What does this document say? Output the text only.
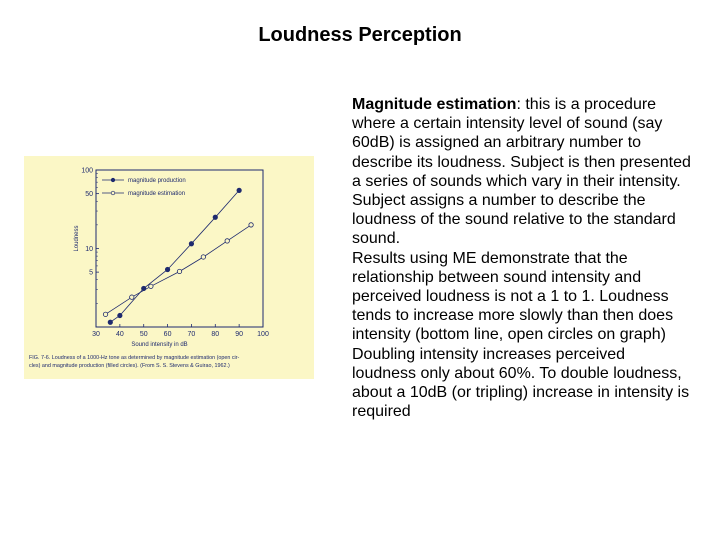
Loudness Perception
30 40 50 60 70 80 90 100
100
50
10
5
Sound intensity in dB
Loudness
magnitude production
magnitude estimation
FIG. 7-6. Loudness of a 1000-Hz tone as determined by magnitude estimation (open cir-
cles) and magnitude production (filled circles). (From S. S. Stevens & Guirao, 1962.)

Magnitude estimation: this is a procedure where a certain intensity level of sound (say 60dB) is assigned an arbitrary number to describe its loudness. Subject is then presented a series of sounds which vary in their intensity. Subject assigns a number to describe the loudness of the sound relative to the standard sound.

Results using ME demonstrate that the relationship between sound intensity and perceived loudness is not a 1 to 1. Loudness tends to increase more slowly than then does intensity (bottom line, open circles on graph)

Doubling intensity increases perceived loudness only about 60%. To double loudness, about a 10dB (or tripling) increase in intensity is required
